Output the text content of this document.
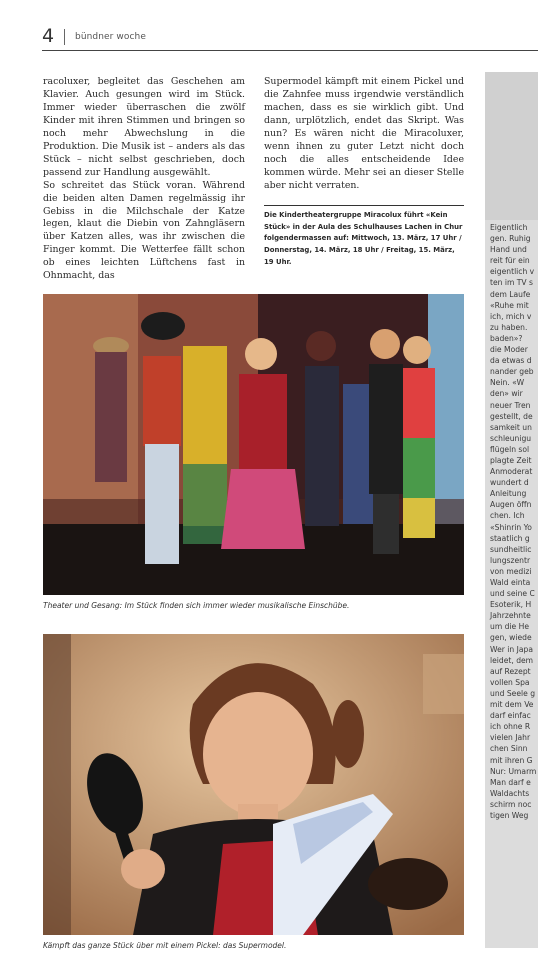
4 bündner woche

racoluxer, begleitet das Geschehen am Klavier. Auch gesungen wird im Stück. Immer wieder überraschen die zwölf Kinder mit ihren Stimmen und bringen so noch mehr Abwechslung in die Produktion. Die Musik ist – anders als das Stück – nicht selbst geschrieben, doch passend zur Handlung ausgewählt.

So schreitet das Stück voran. Während die beiden alten Damen regelmässig ihr Gebiss in die Milchschale der Katze legen, klaut die Diebin von Zahngläsern über Katzen alles, was ihr zwischen die Finger kommt. Die Wetterfee fällt schon ob eines leichten Lüftchens fast in Ohnmacht, das

Supermodel kämpft mit einem Pickel und die Zahnfee muss irgendwie verständlich machen, dass es sie wirklich gibt. Und dann, urplötzlich, endet das Skript. Was nun? Es wären nicht die Miracoluxer, wenn ihnen zu guter Letzt nicht doch noch die alles entscheidende Idee kommen würde. Mehr sei an dieser Stelle aber nicht verraten.

Die Kindertheatergruppe Miracolux führt «Kein Stück» in der Aula des Schulhauses Lachen in Chur folgendermassen auf: Mittwoch, 13. März, 17 Uhr / Donnerstag, 14. März, 18 Uhr / Freitag, 15. März, 19 Uhr.

Eigentlich
gen. Ruhig
Hand und
reit für ein
eigentlich v
ten im TV s
dem Laufe
«Ruhe mit
ich, mich v
zu haben.
baden»?
die Moder
da etwas d
nander geb
Nein. «W
den» wir
neuer Tren
gestellt, de
samkeit un
schleunigu
flügeln sol
plagte Zeit
Anmoderat
wundert d
Anleitung
Augen öffn
chen. Ich
«Shinrin Yo
staatlich g
sundheitlic
lungszentr
von medizi
Wald einta
und seine C
Esoterik, H
Jahrzehnte
um die He
gen, wiede
Wer in Japa
leidet, dem
auf Rezept
vollen Spa
und Seele g
mit dem Ve
darf einfac
ich ohne R
vielen Jahr
chen Sinn
mit ihren G
Nur: Umarm
Man darf e
Waldachts
schirm noc
tigen Weg
Theater und Gesang: Im Stück finden sich immer wieder musikalische Einschübe.
Kämpft das ganze Stück über mit einem Pickel: das Supermodel.
